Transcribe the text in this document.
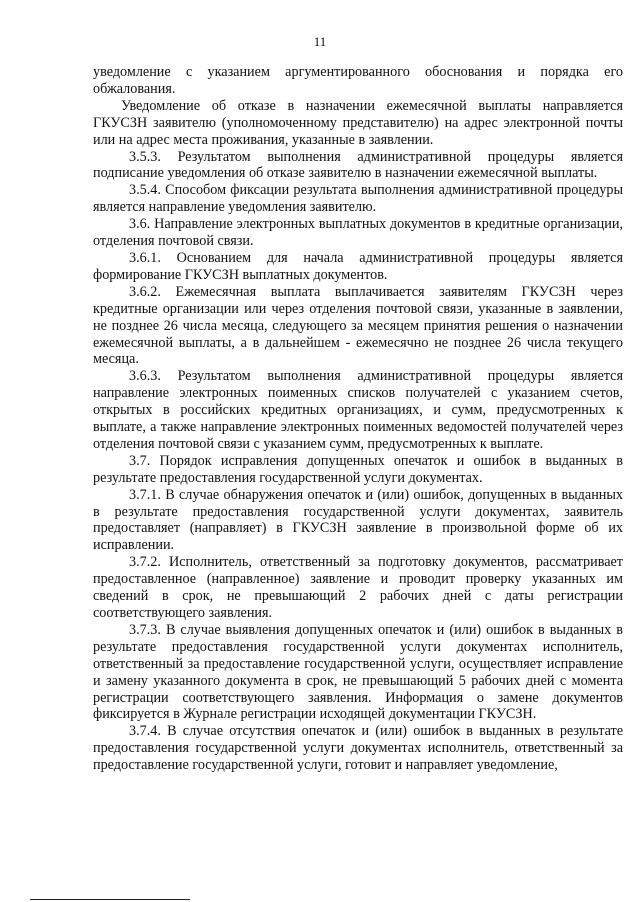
11

уведомление с указанием аргументированного обоснования и порядка его обжалования.

Уведомление об отказе в назначении ежемесячной выплаты направляется ГКУСЗН заявителю (уполномоченному представителю) на адрес электронной почты или на адрес места проживания, указанные в заявлении.

3.5.3. Результатом выполнения административной процедуры является подписание уведомления об отказе заявителю в назначении ежемесячной выплаты.

3.5.4. Способом фиксации результата выполнения административной процедуры является направление уведомления заявителю.

3.6. Направление электронных выплатных документов в кредитные организации, отделения почтовой связи.

3.6.1. Основанием для начала административной процедуры является формирование ГКУСЗН выплатных документов.

3.6.2. Ежемесячная выплата выплачивается заявителям ГКУСЗН через кредитные организации или через отделения почтовой связи, указанные в заявлении, не позднее 26 числа месяца, следующего за месяцем принятия решения о назначении ежемесячной выплаты, а в дальнейшем - ежемесячно не позднее 26 числа текущего месяца.

3.6.3. Результатом выполнения административной процедуры является направление электронных поименных списков получателей с указанием счетов, открытых в российских кредитных организациях, и сумм, предусмотренных к выплате, а также направление электронных поименных ведомостей получателей через отделения почтовой связи с указанием сумм, предусмотренных к выплате.

3.7. Порядок исправления допущенных опечаток и ошибок в выданных в результате предоставления государственной услуги документах.

3.7.1. В случае обнаружения опечаток и (или) ошибок, допущенных в выданных в результате предоставления государственной услуги документах, заявитель предоставляет (направляет) в ГКУСЗН заявление в произвольной форме об их исправлении.

3.7.2. Исполнитель, ответственный за подготовку документов, рассматривает предоставленное (направленное) заявление и проводит проверку указанных им сведений в срок, не превышающий 2 рабочих дней с даты регистрации соответствующего заявления.

3.7.3. В случае выявления допущенных опечаток и (или) ошибок в выданных в результате предоставления государственной услуги документах исполнитель, ответственный за предоставление государственной услуги, осуществляет исправление и замену указанного документа в срок, не превышающий 5 рабочих дней с момента регистрации соответствующего заявления. Информация о замене документов фиксируется в Журнале регистрации исходящей документации ГКУСЗН.

3.7.4. В случае отсутствия опечаток и (или) ошибок в выданных в результате предоставления государственной услуги документах исполнитель, ответственный за предоставление государственной услуги, готовит и направляет уведомление,
